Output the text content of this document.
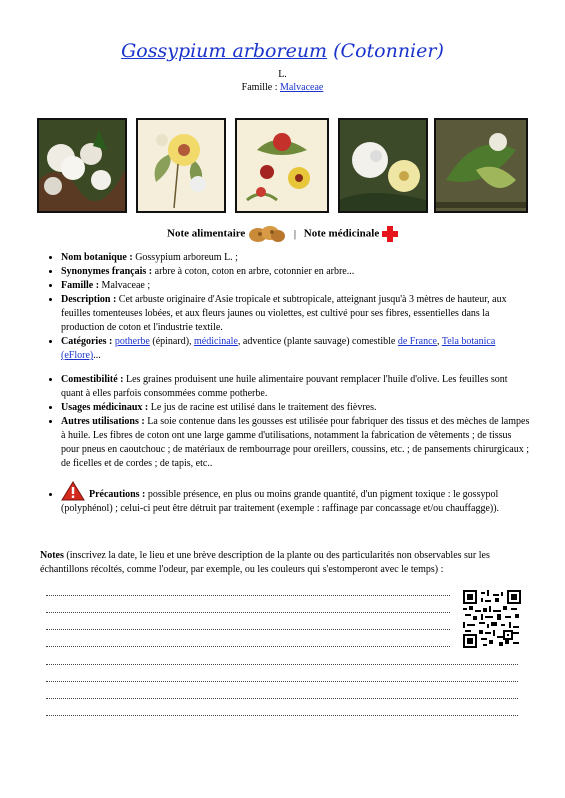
Gossypium arboreum (Cotonnier)
L.
Famille : Malvaceae
Note alimentaire	| Note médicinale
• Nom botanique : Gossypium arboreum L. ;
• Synonymes français : arbre à coton, coton en arbre, cotonnier en arbre...
• Famille : Malvaceae ;
• Description : Cet arbuste originaire d'Asie tropicale et subtropicale, atteignant jusqu'à 3 mètres de hauteur, aux feuilles tomenteuses lobées, et aux fleurs jaunes ou violettes, est cultivé pour ses fibres, essentielles dans la production de coton et l'industrie textile.
• Catégories : potherbe (épinard), médicinale, adventice (plante sauvage) comestible de France, Tela botanica (eFlore)...
• Comestibilité : Les graines produisent une huile alimentaire pouvant remplacer l'huile d'olive. Les feuilles sont quant à elles parfois consommées comme potherbe.
• Usages médicinaux : Le jus de racine est utilisé dans le traitement des fièvres.
• Autres utilisations : La soie contenue dans les gousses est utilisée pour fabriquer des tissus et des mèches de lampes à huile. Les fibres de coton ont une large gamme d'utilisations, notamment la fabrication de vêtements ; de tissus pour pneus en caoutchouc ; de matériaux de rembourrage pour oreillers, coussins, etc. ; de pansements chirurgicaux ; de ficelles et de cordes ; de tapis, etc..
• Précautions : possible présence, en plus ou moins grande quantité, d'un pigment toxique : le gossypol (polyphénol) ; celui-ci peut être détruit par traitement (exemple : raffinage par concassage et/ou chauffagge)).
Notes (inscrivez la date, le lieu et une brève description de la plante ou des particularités non observables sur les échantillons récoltés, comme l'odeur, par exemple, ou les couleurs qui s'estomperont avec le temps) :
